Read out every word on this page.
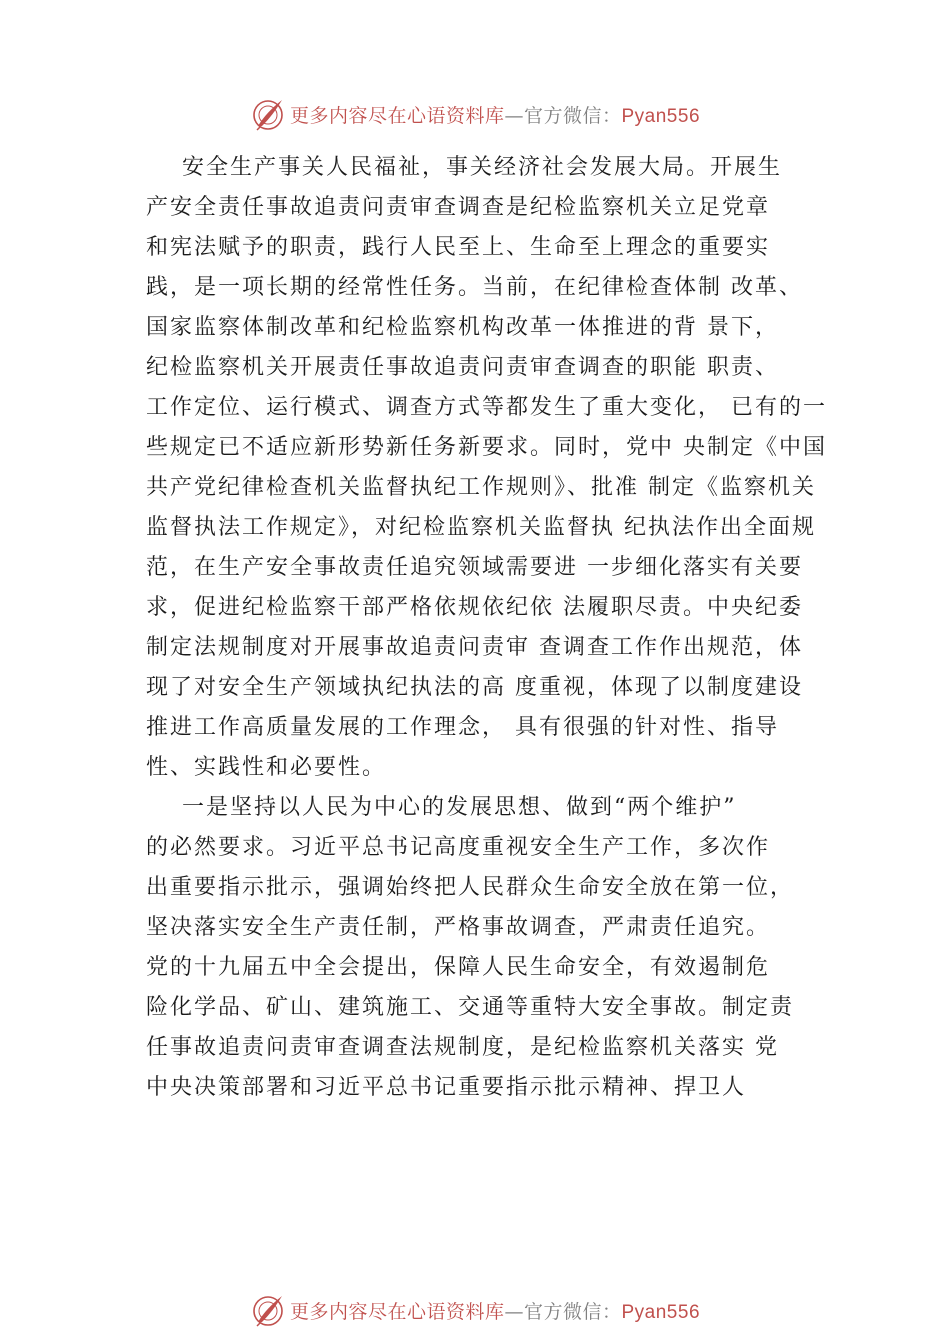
更多内容尽在心语资料库—官方微信：Pyan556
安全生产事关人民福祉，事关经济社会发展大局。开展生
产安全责任事故追责问责审查调查是纪检监察机关立足党章
和宪法赋予的职责，践行人民至上、生命至上理念的重要实
践，是一项长期的经常性任务。当前，在纪律检查体制 改革、
国家监察体制改革和纪检监察机构改革一体推进的背 景下，
纪检监察机关开展责任事故追责问责审查调查的职能 职责、
工作定位、运行模式、调查方式等都发生了重大变化， 已有的一
些规定已不适应新形势新任务新要求。同时，党中 央制定《中国
共产党纪律检查机关监督执纪工作规则》、批准 制定《监察机关
监督执法工作规定》，对纪检监察机关监督执 纪执法作出全面规
范，在生产安全事故责任追究领域需要进 一步细化落实有关要
求，促进纪检监察干部严格依规依纪依 法履职尽责。中央纪委
制定法规制度对开展事故追责问责审 查调查工作作出规范，体
现了对安全生产领域执纪执法的高 度重视，体现了以制度建设
推进工作高质量发展的工作理念， 具有很强的针对性、指导
性、实践性和必要性。
一是坚持以人民为中心的发展思想、做到“两个维护”
的必然要求。习近平总书记高度重视安全生产工作，多次作
出重要指示批示，强调始终把人民群众生命安全放在第一位，
坚决落实安全生产责任制，严格事故调查，严肃责任追究。
党的十九届五中全会提出，保障人民生命安全，有效遏制危
险化学品、矿山、建筑施工、交通等重特大安全事故。制定责
任事故追责问责审查调查法规制度，是纪检监察机关落实 党
中央决策部署和习近平总书记重要指示批示精神、捍卫人
更多内容尽在心语资料库—官方微信：Pyan556
